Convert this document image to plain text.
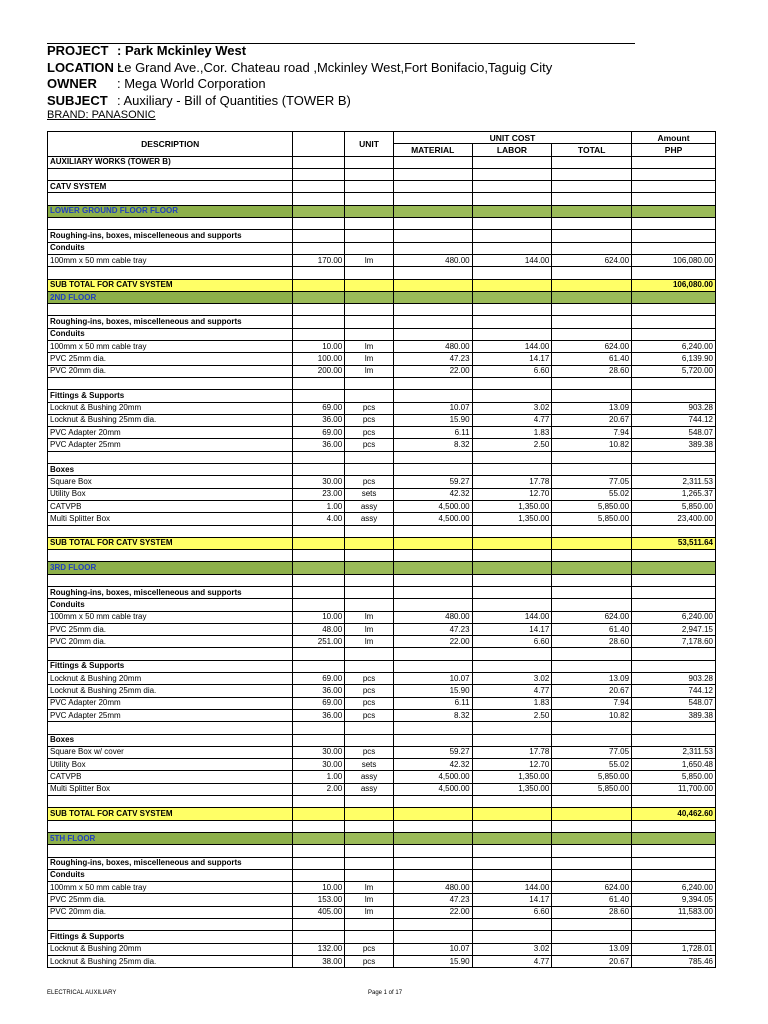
PROJECT : Park Mckinley West
LOCATION :Le Grand Ave.,Cor. Chateau road ,Mckinley West,Fort Bonifacio,Taguig City
OWNER : Mega World Corporation
SUBJECT : Auxiliary - Bill of Quantities (TOWER B)
BRAND: PANASONIC
DESCRIPTION		UNIT	UNIT COST			Amount
			MATERIAL	LABOR	TOTAL	PHP
AUXILIARY WORKS (TOWER B)						

CATV SYSTEM						

LOWER GROUND FLOOR FLOOR						

Roughing-ins, boxes, miscelleneous and supports						
Conduits						
100mm x 50 mm cable tray	170.00	lm	480.00	144.00	624.00	106,080.00

SUB TOTAL FOR CATV SYSTEM						106,080.00
2ND FLOOR						

Roughing-ins, boxes, miscelleneous and supports						
Conduits						
100mm x 50 mm cable tray	10.00	lm	480.00	144.00	624.00	6,240.00
PVC 25mm dia.	100.00	lm	47.23	14.17	61.40	6,139.90
PVC 20mm dia.	200.00	lm	22.00	6.60	28.60	5,720.00

Fittings & Supports						
Locknut & Bushing 20mm	69.00	pcs	10.07	3.02	13.09	903.28
Locknut & Bushing 25mm dia.	36.00	pcs	15.90	4.77	20.67	744.12
PVC Adapter 20mm	69.00	pcs	6.11	1.83	7.94	548.07
PVC Adapter 25mm	36.00	pcs	8.32	2.50	10.82	389.38

Boxes						
Square Box	30.00	pcs	59.27	17.78	77.05	2,311.53
Utility Box	23.00	sets	42.32	12.70	55.02	1,265.37
CATVPB	1.00	assy	4,500.00	1,350.00	5,850.00	5,850.00
Multi Splitter Box	4.00	assy	4,500.00	1,350.00	5,850.00	23,400.00

SUB TOTAL FOR CATV SYSTEM						53,511.64

3RD FLOOR						

Roughing-ins, boxes, miscelleneous and supports						
Conduits						
100mm x 50 mm cable tray	10.00	lm	480.00	144.00	624.00	6,240.00
PVC 25mm dia.	48.00	lm	47.23	14.17	61.40	2,947.15
PVC 20mm dia.	251.00	lm	22.00	6.60	28.60	7,178.60

Fittings & Supports						
Locknut & Bushing 20mm	69.00	pcs	10.07	3.02	13.09	903.28
Locknut & Bushing 25mm dia.	36.00	pcs	15.90	4.77	20.67	744.12
PVC Adapter 20mm	69.00	pcs	6.11	1.83	7.94	548.07
PVC Adapter 25mm	36.00	pcs	8.32	2.50	10.82	389.38

Boxes						
Square Box w/ cover	30.00	pcs	59.27	17.78	77.05	2,311.53
Utility Box	30.00	sets	42.32	12.70	55.02	1,650.48
CATVPB	1.00	assy	4,500.00	1,350.00	5,850.00	5,850.00
Multi Splitter Box	2.00	assy	4,500.00	1,350.00	5,850.00	11,700.00

SUB TOTAL FOR CATV SYSTEM						40,462.60

5TH FLOOR						

Roughing-ins, boxes, miscelleneous and supports						
Conduits						
100mm x 50 mm cable tray	10.00	lm	480.00	144.00	624.00	6,240.00
PVC 25mm dia.	153.00	lm	47.23	14.17	61.40	9,394.05
PVC 20mm dia.	405.00	lm	22.00	6.60	28.60	11,583.00

Fittings & Supports						
Locknut & Bushing 20mm	132.00	pcs	10.07	3.02	13.09	1,728.01
Locknut & Bushing 25mm dia.	38.00	pcs	15.90	4.77	20.67	785.46
ELECTRICAL AUXILIARY	Page 1 of 17
